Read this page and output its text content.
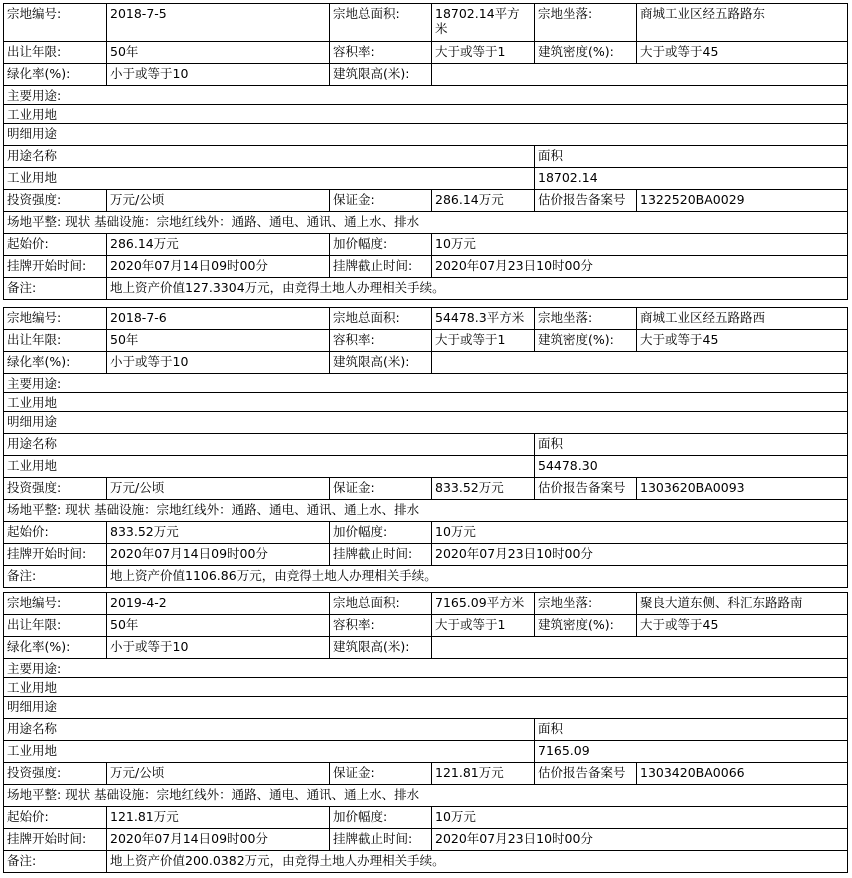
宗地编号:	2018-7-5	宗地总面积:	18702.14平方米	宗地坐落:	商城工业区经五路路东
出让年限:	50年	容积率:	大于或等于1	建筑密度(%):	大于或等于45
绿化率(%):	小于或等于10	建筑限高(米):			
主要用途:					
工业用地					
明细用途					
用途名称				面积	
工业用地				18702.14	
投资强度:	万元/公顷	保证金:	286.14万元	估价报告备案号	1322520BA0029
场地平整: 现状 基础设施：宗地红线外：通路、通电、通讯、通上水、排水					
起始价:	286.14万元	加价幅度:	10万元		
挂牌开始时间:	2020年07月14日09时00分	挂牌截止时间:	2020年07月23日10时00分		
备注:	地上资产价值127.3304万元，由竞得土地人办理相关手续。				
宗地编号:	2018-7-6	宗地总面积:	54478.3平方米	宗地坐落:	商城工业区经五路路西
出让年限:	50年	容积率:	大于或等于1	建筑密度(%):	大于或等于45
绿化率(%):	小于或等于10	建筑限高(米):			
主要用途:					
工业用地					
明细用途					
用途名称				面积	
工业用地				54478.30	
投资强度:	万元/公顷	保证金:	833.52万元	估价报告备案号	1303620BA0093
场地平整: 现状 基础设施：宗地红线外：通路、通电、通讯、通上水、排水					
起始价:	833.52万元	加价幅度:	10万元		
挂牌开始时间:	2020年07月14日09时00分	挂牌截止时间:	2020年07月23日10时00分		
备注:	地上资产价值1106.86万元，由竞得土地人办理相关手续。				
宗地编号:	2019-4-2	宗地总面积:	7165.09平方米	宗地坐落:	聚良大道东侧、科汇东路路南
出让年限:	50年	容积率:	大于或等于1	建筑密度(%):	大于或等于45
绿化率(%):	小于或等于10	建筑限高(米):			
主要用途:					
工业用地					
明细用途					
用途名称				面积	
工业用地				7165.09	
投资强度:	万元/公顷	保证金:	121.81万元	估价报告备案号	1303420BA0066
场地平整: 现状 基础设施：宗地红线外：通路、通电、通讯、通上水、排水					
起始价:	121.81万元	加价幅度:	10万元		
挂牌开始时间:	2020年07月14日09时00分	挂牌截止时间:	2020年07月23日10时00分		
备注:	地上资产价值200.0382万元，由竞得土地人办理相关手续。				
